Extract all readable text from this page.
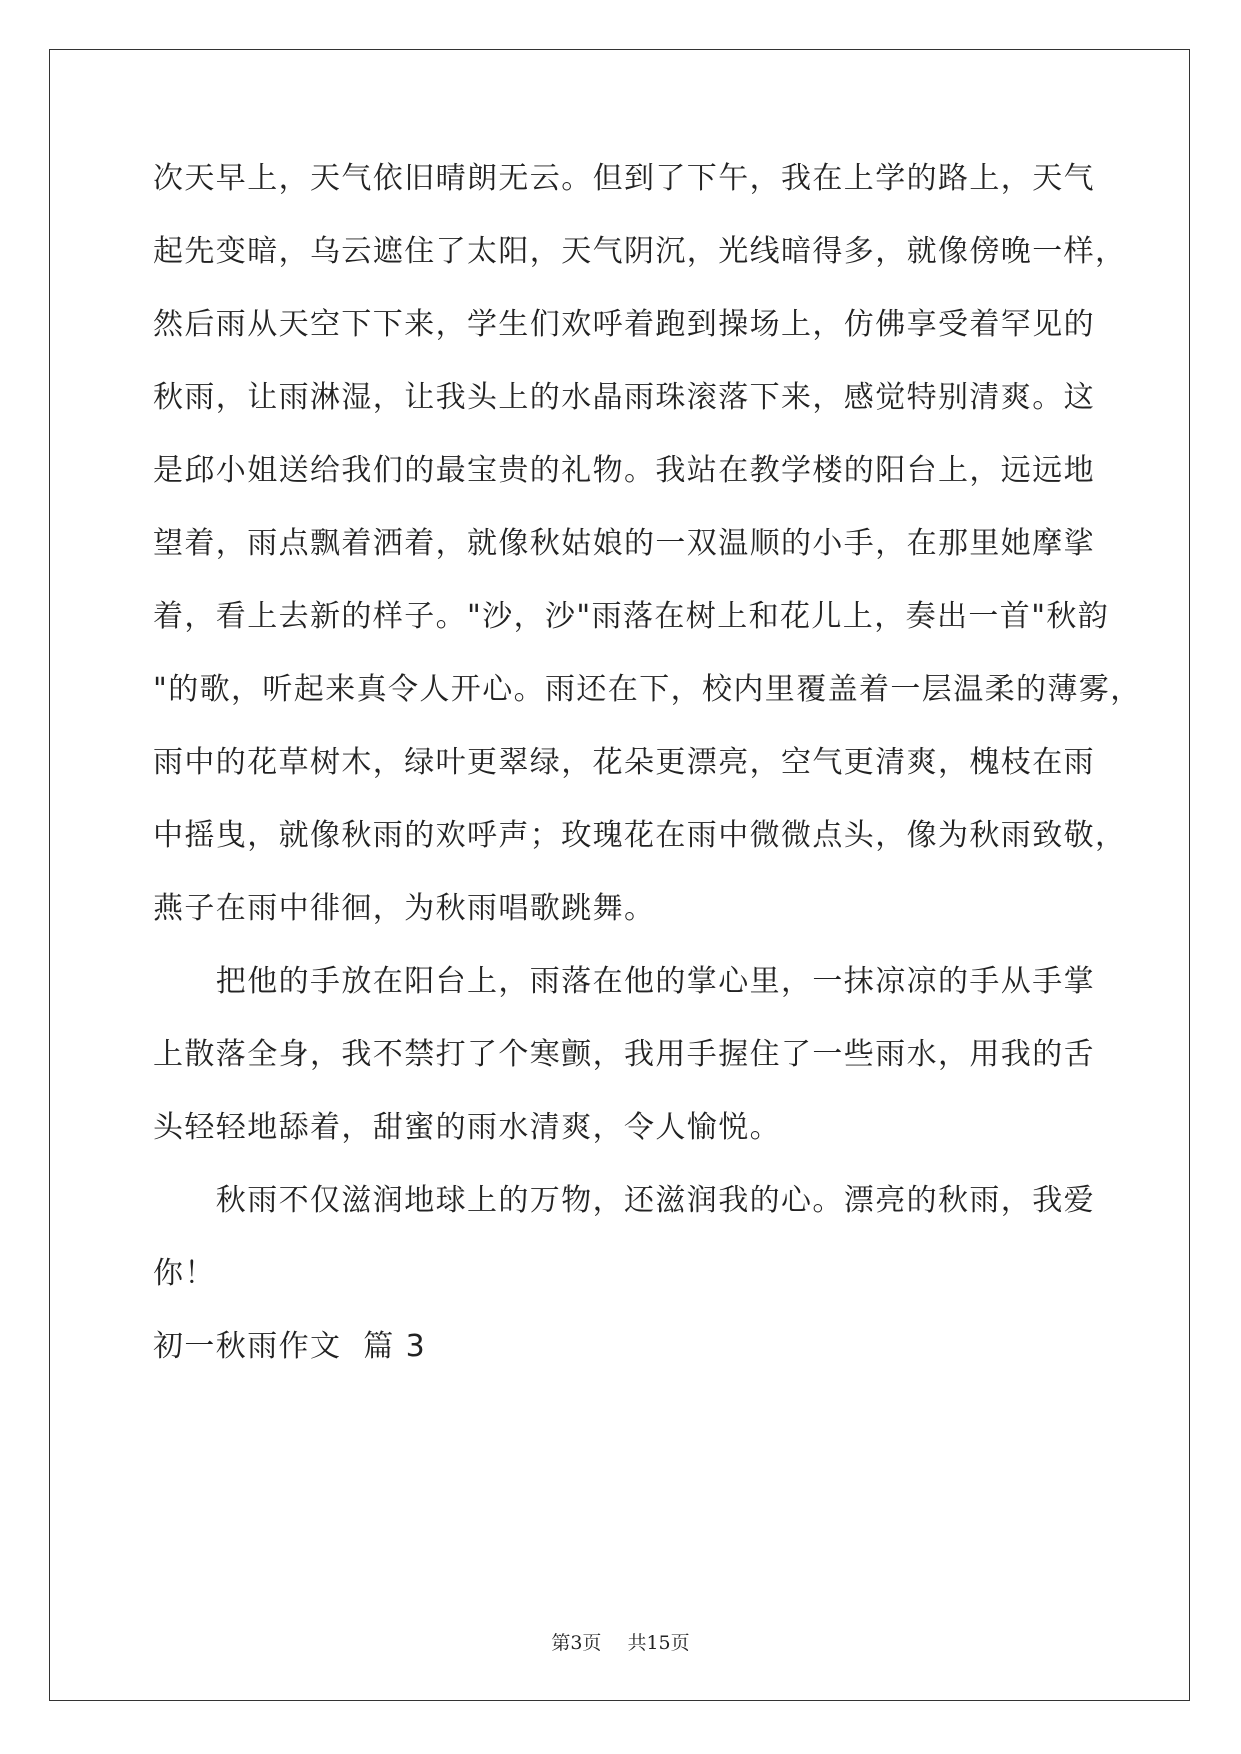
次天早上，天气依旧晴朗无云。但到了下午，我在上学的路上，天气
起先变暗，乌云遮住了太阳，天气阴沉，光线暗得多，就像傍晚一样，
然后雨从天空下下来，学生们欢呼着跑到操场上，仿佛享受着罕见的
秋雨，让雨淋湿，让我头上的水晶雨珠滚落下来，感觉特别清爽。这
是邱小姐送给我们的最宝贵的礼物。我站在教学楼的阳台上，远远地
望着，雨点飘着洒着，就像秋姑娘的一双温顺的小手，在那里她摩挲
着，看上去新的样子。"沙，沙"雨落在树上和花儿上，奏出一首"秋韵
"的歌，听起来真令人开心。雨还在下，校内里覆盖着一层温柔的薄雾，
雨中的花草树木，绿叶更翠绿，花朵更漂亮，空气更清爽，槐枝在雨
中摇曳，就像秋雨的欢呼声；玫瑰花在雨中微微点头，像为秋雨致敬，
燕子在雨中徘徊，为秋雨唱歌跳舞。
　　把他的手放在阳台上，雨落在他的掌心里，一抹凉凉的手从手掌
上散落全身，我不禁打了个寒颤，我用手握住了一些雨水，用我的舌
头轻轻地舔着，甜蜜的雨水清爽，令人愉悦。
　　秋雨不仅滋润地球上的万物，还滋润我的心。漂亮的秋雨，我爱
你！
初一秋雨作文  篇 3
第3页 共15页
